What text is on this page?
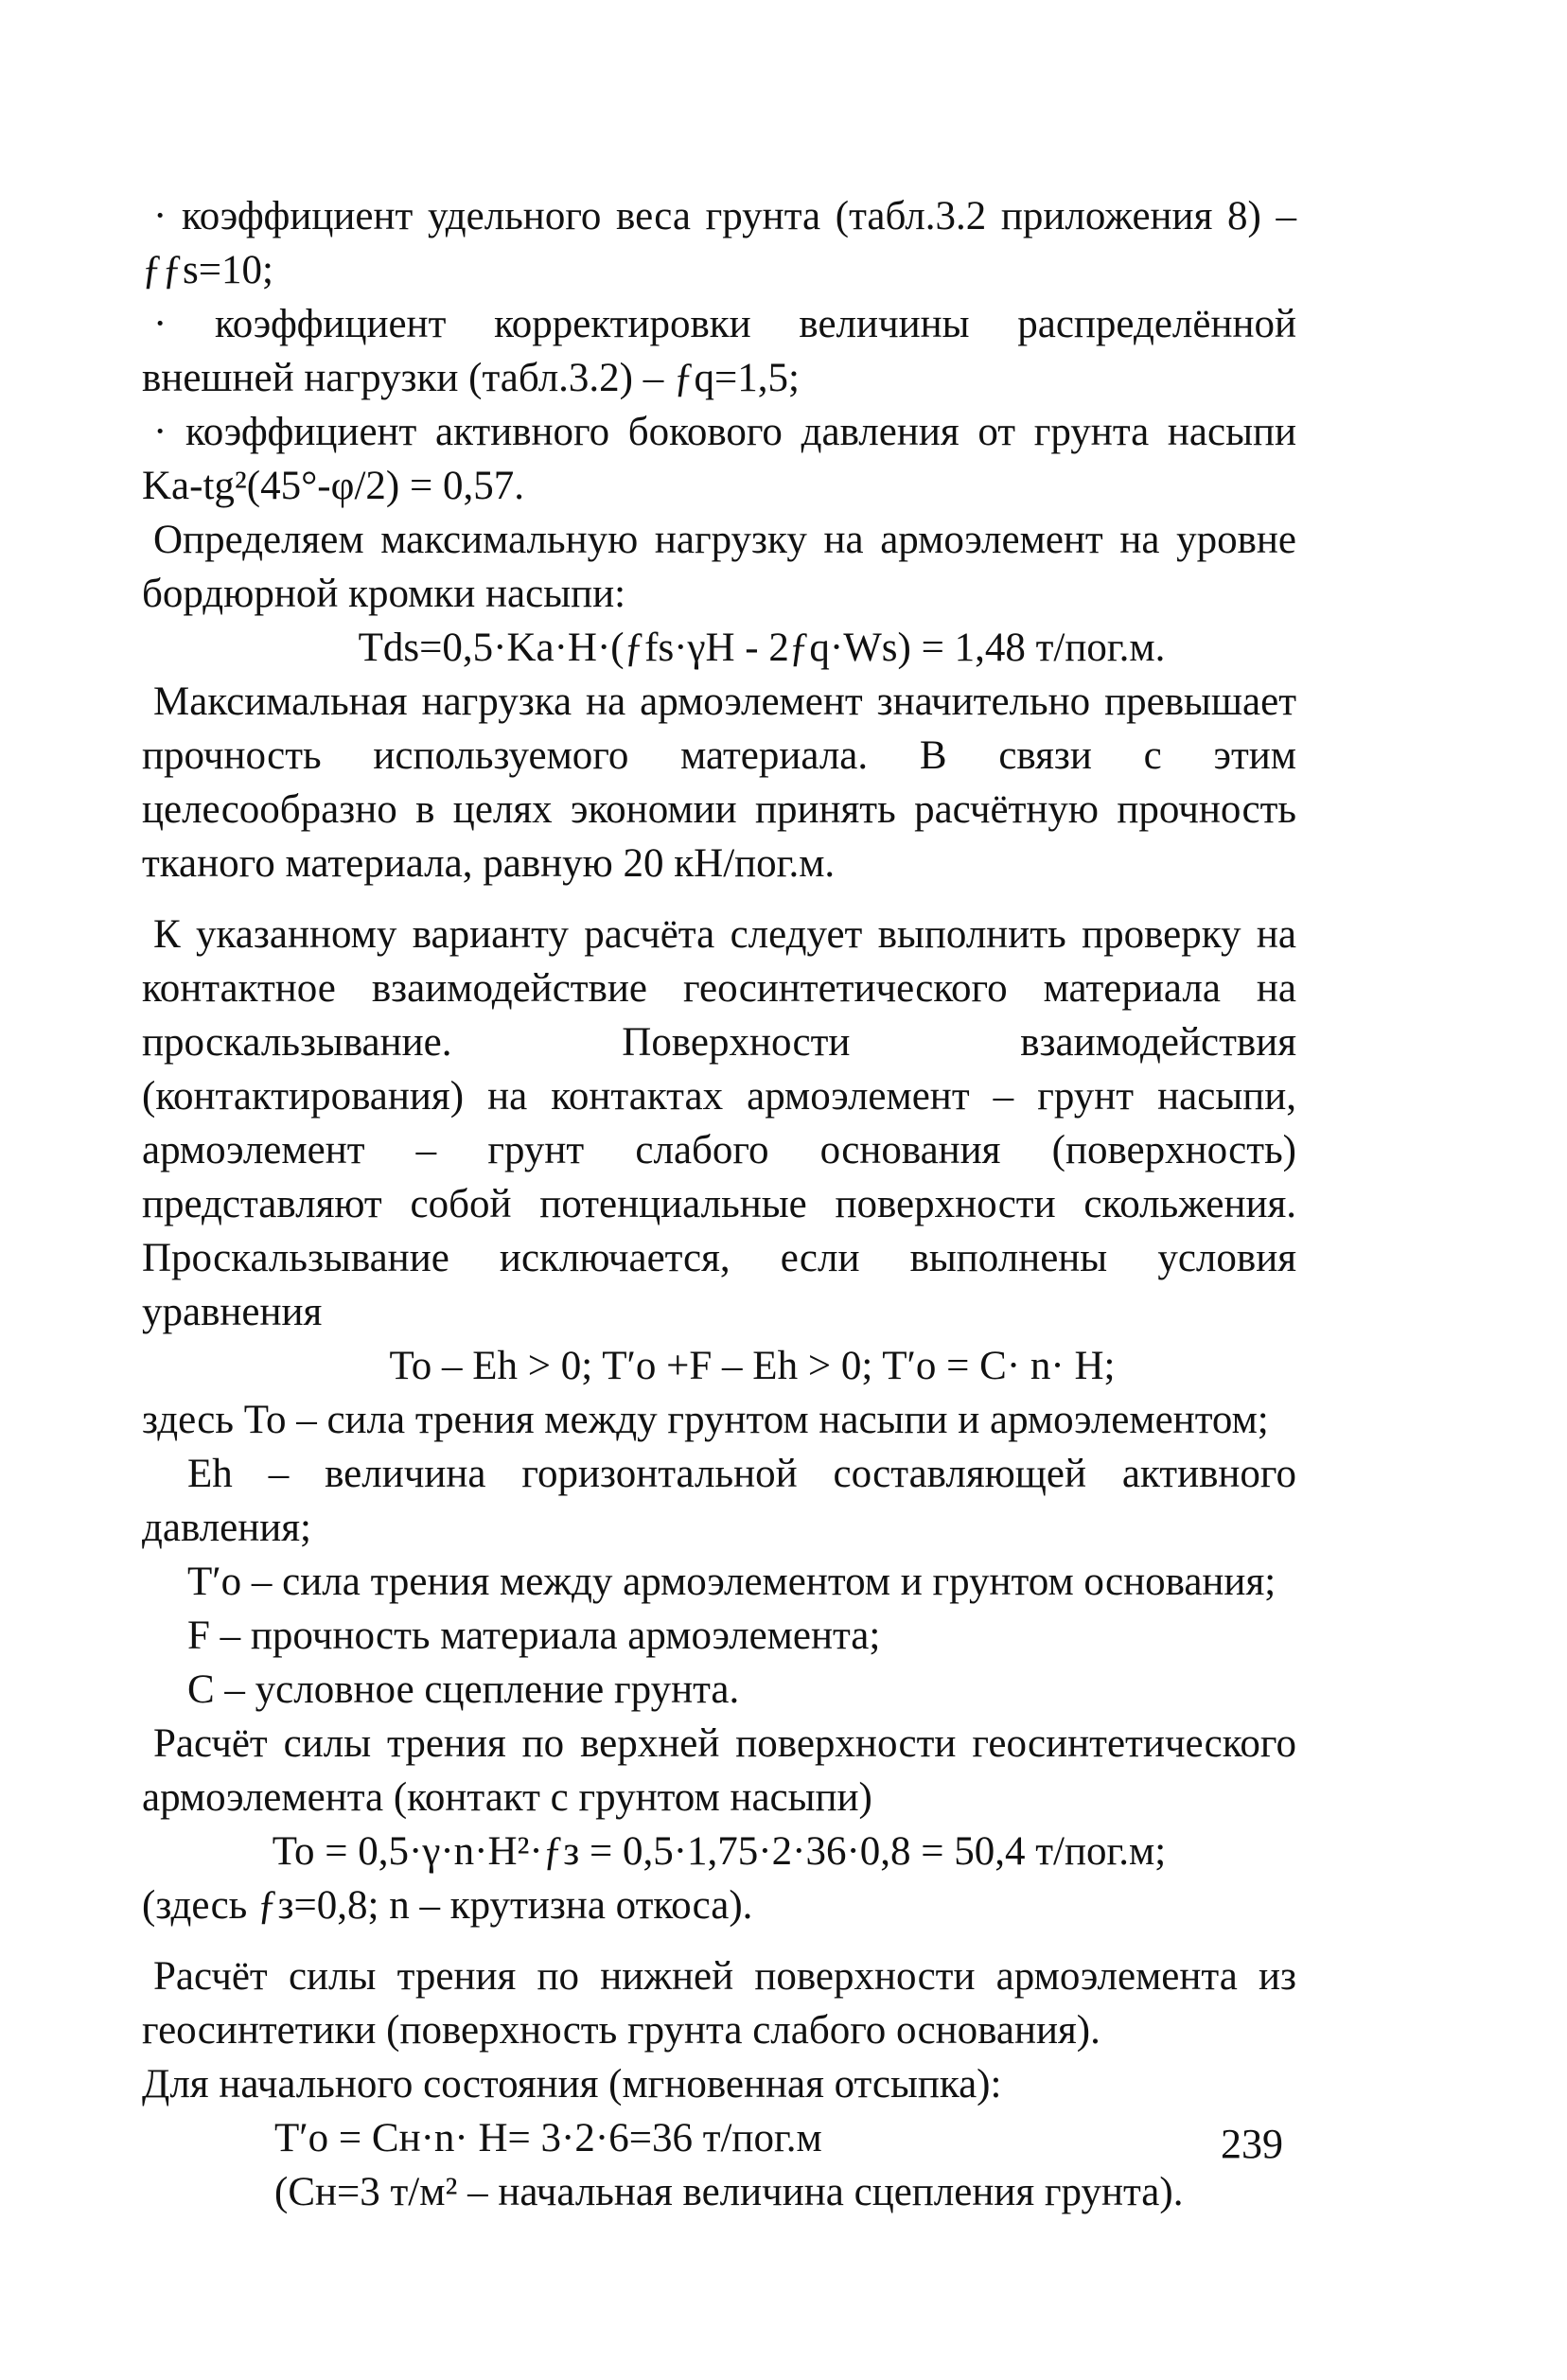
· коэффициент удельного веса грунта (табл.3.2 приложения 8) – ƒƒs=10;

· коэффициент корректировки величины распределённой внешней нагрузки (табл.3.2) – ƒq=1,5;

· коэффициент активного бокового давления от грунта насыпи Ka-tg²(45°-φ/2) = 0,57.

Определяем максимальную нагрузку на армоэлемент на уровне бордюрной кромки насыпи:

Tds=0,5·Ka·H·(ƒfs·γH - 2ƒq·Ws) = 1,48 т/пог.м.

Максимальная нагрузка на армоэлемент значительно превышает прочность используемого материала. В связи с этим целесообразно в целях экономии принять расчётную прочность тканого материала, равную 20 кН/пог.м.

К указанному варианту расчёта следует выполнить проверку на контактное взаимодействие геосинтетического материала на проскальзывание. Поверхности взаимодействия (контактирования) на контактах армоэлемент – грунт насыпи, армоэлемент – грунт слабого основания (поверхность) представляют собой потенциальные поверхности скольжения. Проскальзывание исключается, если выполнены условия уравнения

To – Eh > 0; T′o +F – Eh > 0; T′o = C· n· H;

здесь To – сила трения между грунтом насыпи и армоэлементом;

Eh – величина горизонтальной составляющей активного давления;

T′o – сила трения между армоэлементом и грунтом основания;

F – прочность материала армоэлемента;

C – условное сцепление грунта.

Расчёт силы трения по верхней поверхности геосинтетического армоэлемента (контакт с грунтом насыпи)

To = 0,5·γ·n·H²·ƒз = 0,5·1,75·2·36·0,8 = 50,4 т/пог.м;

(здесь ƒз=0,8; n – крутизна откоса).

Расчёт силы трения по нижней поверхности армоэлемента из геосинтетики (поверхность грунта слабого основания).

Для начального состояния (мгновенная отсыпка):

T′o = Cн·n· H= 3·2·6=36 т/пог.м

(Cн=3 т/м² – начальная величина сцепления грунта).

239
